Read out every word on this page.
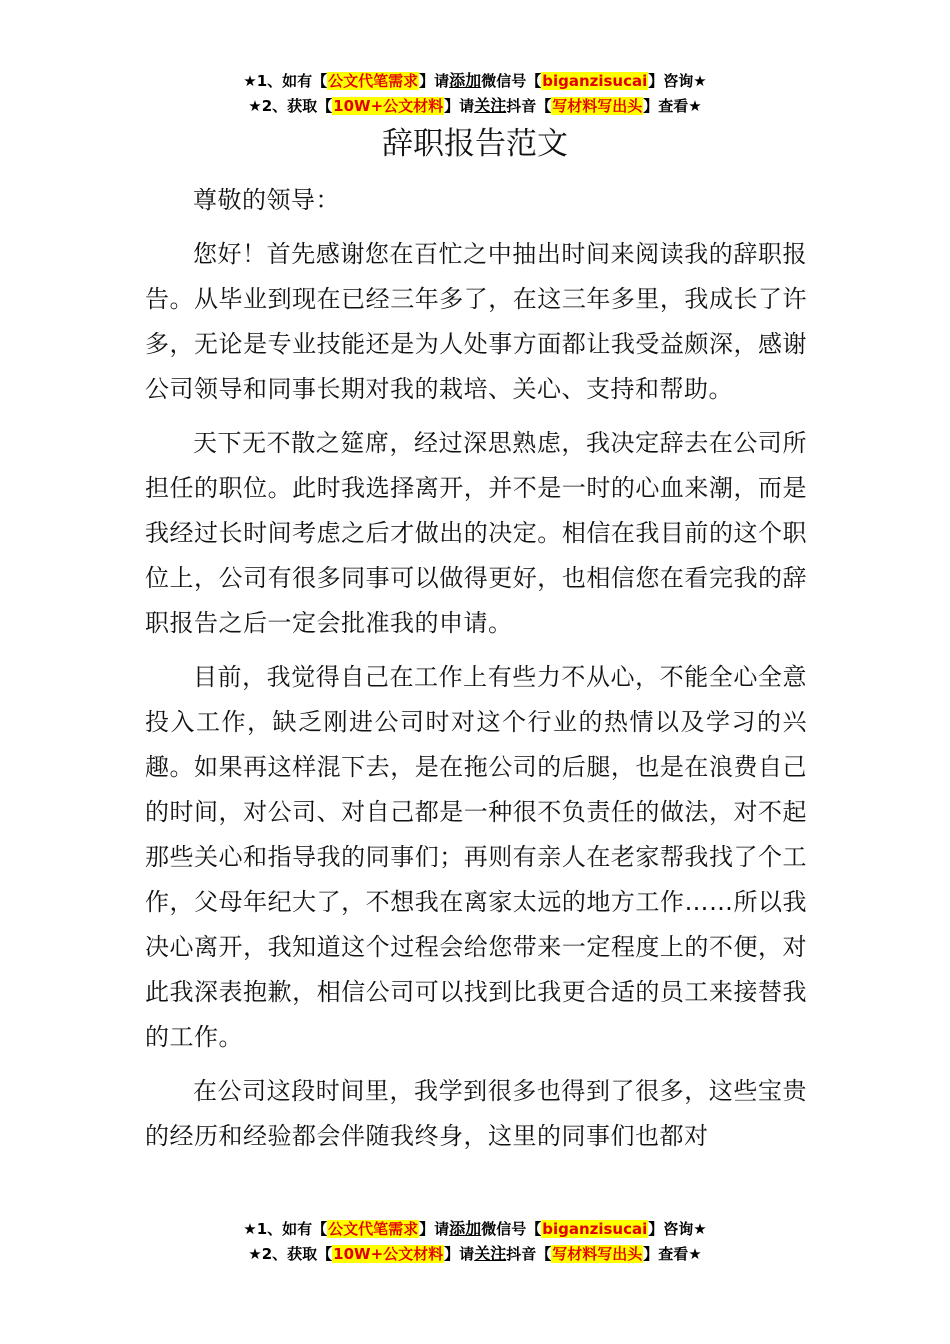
★1、如有【公文代笔需求】请添加微信号【biganzisucai】咨询★
★2、获取【10W+公文材料】请关注抖音【写材料写出头】查看★
辞职报告范文

尊敬的领导：

您好！首先感谢您在百忙之中抽出时间来阅读我的辞职报告。从毕业到现在已经三年多了，在这三年多里，我成长了许多，无论是专业技能还是为人处事方面都让我受益颇深，感谢公司领导和同事长期对我的栽培、关心、支持和帮助。

天下无不散之筵席，经过深思熟虑，我决定辞去在公司所担任的职位。此时我选择离开，并不是一时的心血来潮，而是我经过长时间考虑之后才做出的决定。相信在我目前的这个职位上，公司有很多同事可以做得更好，也相信您在看完我的辞职报告之后一定会批准我的申请。

目前，我觉得自己在工作上有些力不从心，不能全心全意投入工作，缺乏刚进公司时对这个行业的热情以及学习的兴趣。如果再这样混下去，是在拖公司的后腿，也是在浪费自己的时间，对公司、对自己都是一种很不负责任的做法，对不起那些关心和指导我的同事们；再则有亲人在老家帮我找了个工作，父母年纪大了，不想我在离家太远的地方工作……所以我决心离开，我知道这个过程会给您带来一定程度上的不便，对此我深表抱歉，相信公司可以找到比我更合适的员工来接替我的工作。

在公司这段时间里，我学到很多也得到了很多，这些宝贵的经历和经验都会伴随我终身，这里的同事们也都对

★1、如有【公文代笔需求】请添加微信号【biganzisucai】咨询★
★2、获取【10W+公文材料】请关注抖音【写材料写出头】查看★
